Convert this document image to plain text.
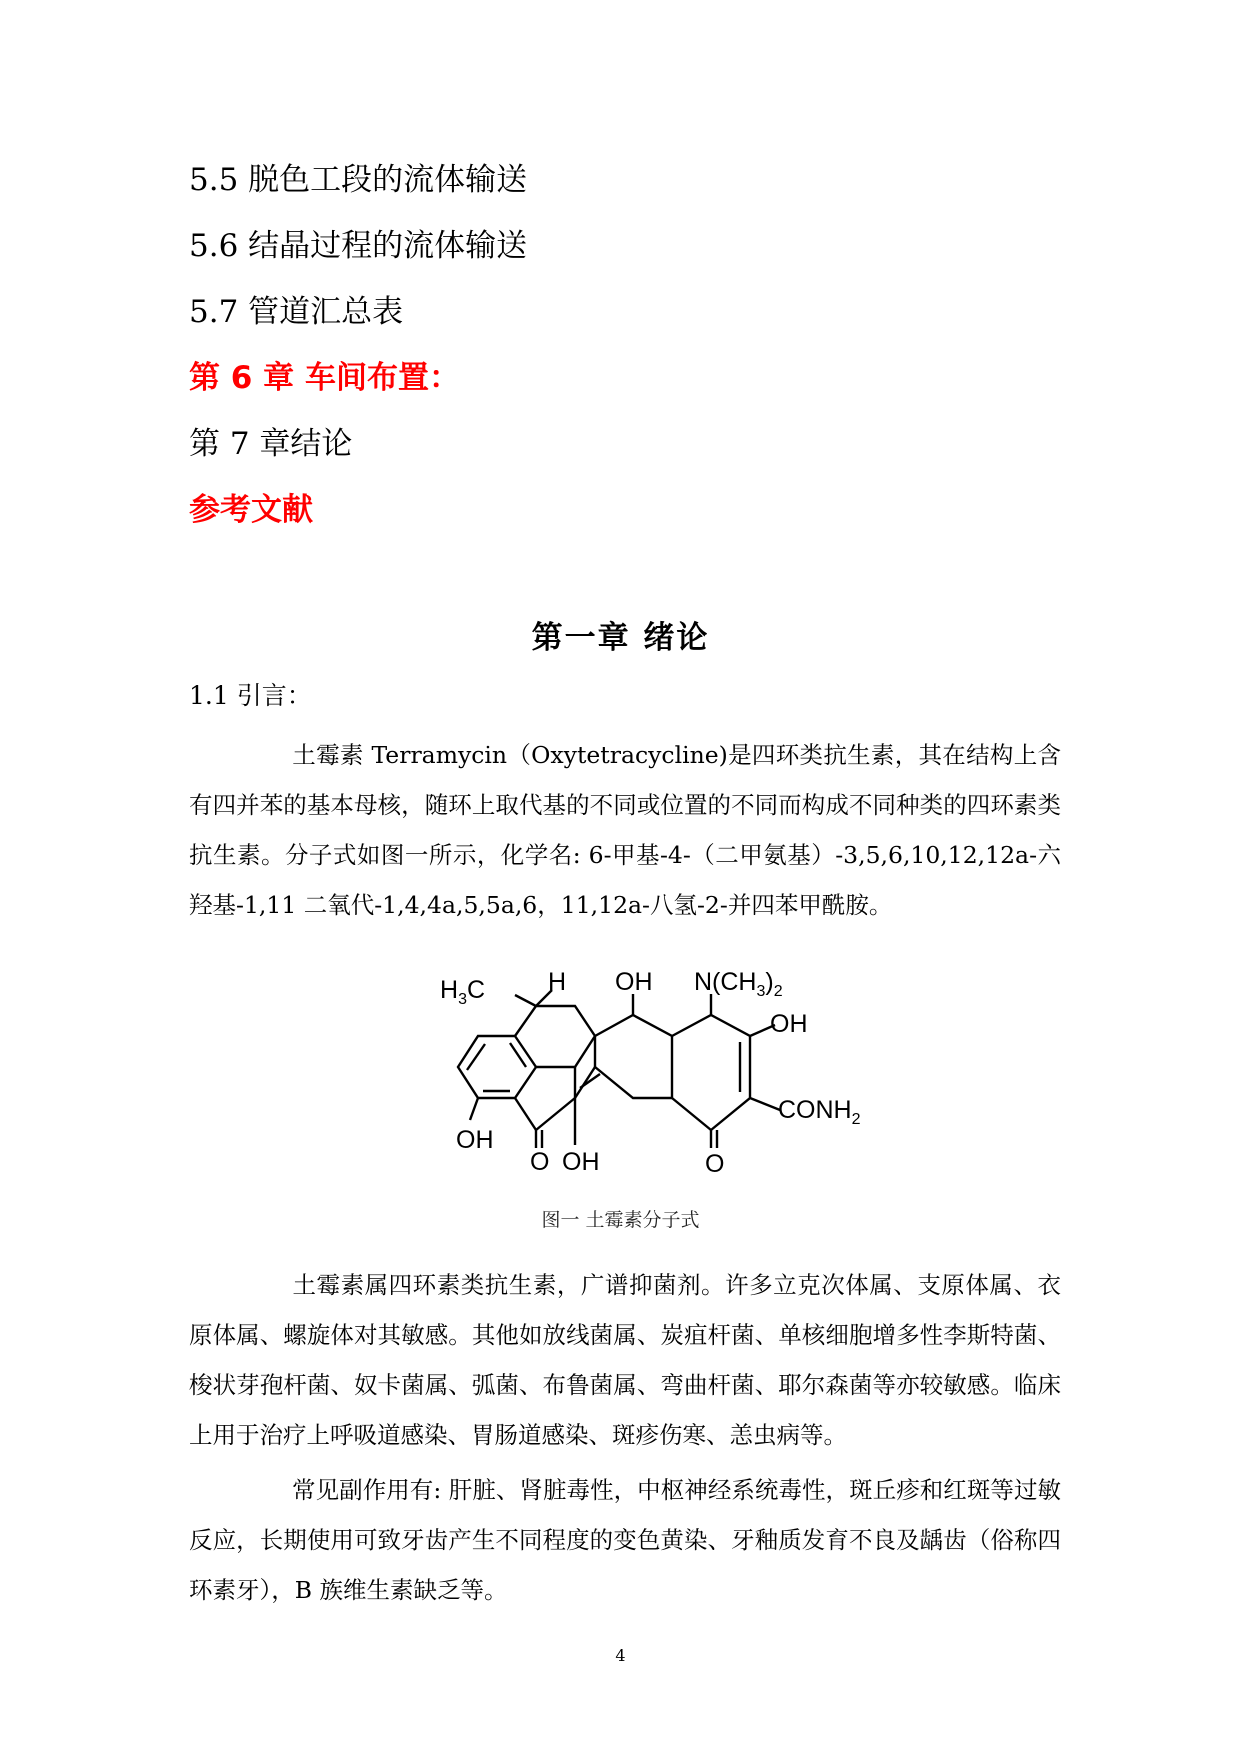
5.5 脱色工段的流体输送
5.6 结晶过程的流体输送
5.7 管道汇总表
第 6 章 车间布置：
第 7 章结论
参考文献
第一章 绪论
1.1 引言：
土霉素 Terramycin（Oxytetracycline)是四环类抗生素，其在结构上含有四并苯的基本母核，随环上取代基的不同或位置的不同而构成不同种类的四环素类抗生素。分子式如图一所示，化学名: 6-甲基-4-（二甲氨基）-3,5,6,10,12,12a-六羟基-1,11 二氧代-1,4,4a,5,5a,6，11,12a-八氢-2-并四苯甲酰胺。
$H_3C$	H OH $N(CH_3)_2$
OH
$CONH_2$
OH
O OH	O
图一 土霉素分子式
土霉素属四环素类抗生素，广谱抑菌剂。许多立克次体属、支原体属、衣原体属、螺旋体对其敏感。其他如放线菌属、炭疽杆菌、单核细胞增多性李斯特菌、梭状芽孢杆菌、奴卡菌属、弧菌、布鲁菌属、弯曲杆菌、耶尔森菌等亦较敏感。临床上用于治疗上呼吸道感染、胃肠道感染、斑疹伤寒、恙虫病等。
常见副作用有: 肝脏、肾脏毒性，中枢神经系统毒性，斑丘疹和红斑等过敏反应，长期使用可致牙齿产生不同程度的变色黄染、牙釉质发育不良及龋齿（俗称四环素牙），B 族维生素缺乏等。
4
